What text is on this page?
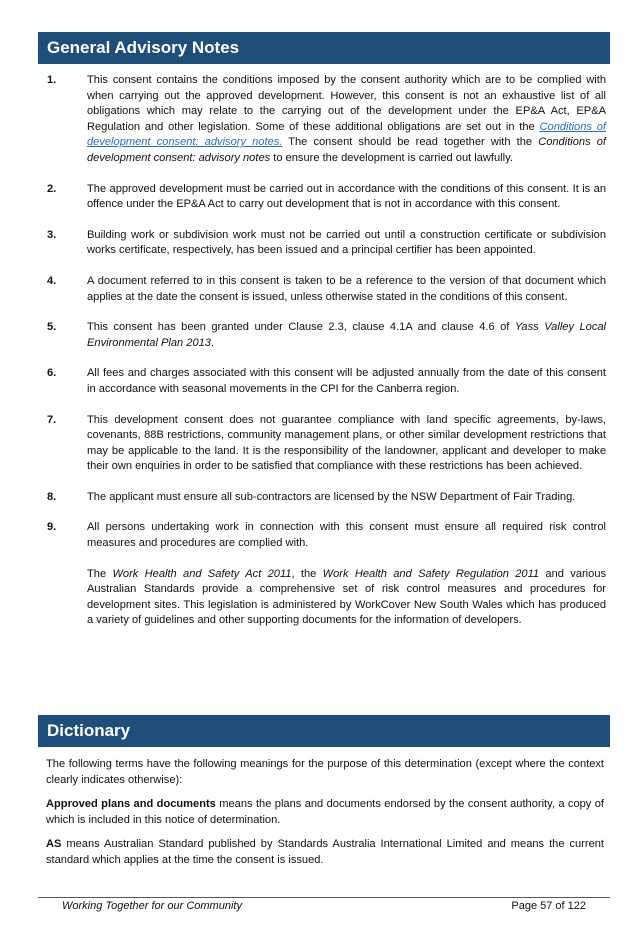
General Advisory Notes
1.	This consent contains the conditions imposed by the consent authority which are to be complied with when carrying out the approved development. However, this consent is not an exhaustive list of all obligations which may relate to the carrying out of the development under the EP&A Act, EP&A Regulation and other legislation. Some of these additional obligations are set out in the Conditions of development consent: advisory notes. The consent should be read together with the Conditions of development consent: advisory notes to ensure the development is carried out lawfully.

2.	The approved development must be carried out in accordance with the conditions of this consent. It is an offence under the EP&A Act to carry out development that is not in accordance with this consent.

3.	Building work or subdivision work must not be carried out until a construction certificate or subdivision works certificate, respectively, has been issued and a principal certifier has been appointed.

4.	A document referred to in this consent is taken to be a reference to the version of that document which applies at the date the consent is issued, unless otherwise stated in the conditions of this consent.

5.	This consent has been granted under Clause 2.3, clause 4.1A and clause 4.6 of Yass Valley Local Environmental Plan 2013.

6.	All fees and charges associated with this consent will be adjusted annually from the date of this consent in accordance with seasonal movements in the CPI for the Canberra region.

7.	This development consent does not guarantee compliance with land specific agreements, by-laws, covenants, 88B restrictions, community management plans, or other similar development restrictions that may be applicable to the land. It is the responsibility of the landowner, applicant and developer to make their own enquiries in order to be satisfied that compliance with these restrictions has been achieved.

8.	The applicant must ensure all sub-contractors are licensed by the NSW Department of Fair Trading.

9.	All persons undertaking work in connection with this consent must ensure all required risk control measures and procedures are complied with.

The Work Health and Safety Act 2011, the Work Health and Safety Regulation 2011 and various Australian Standards provide a comprehensive set of risk control measures and procedures for development sites. This legislation is administered by WorkCover New South Wales which has produced a variety of guidelines and other supporting documents for the information of developers.

Dictionary

The following terms have the following meanings for the purpose of this determination (except where the context clearly indicates otherwise):

Approved plans and documents means the plans and documents endorsed by the consent authority, a copy of which is included in this notice of determination.

AS means Australian Standard published by Standards Australia International Limited and means the current standard which applies at the time the consent is issued.

Working Together for our Community	Page 57 of 122
